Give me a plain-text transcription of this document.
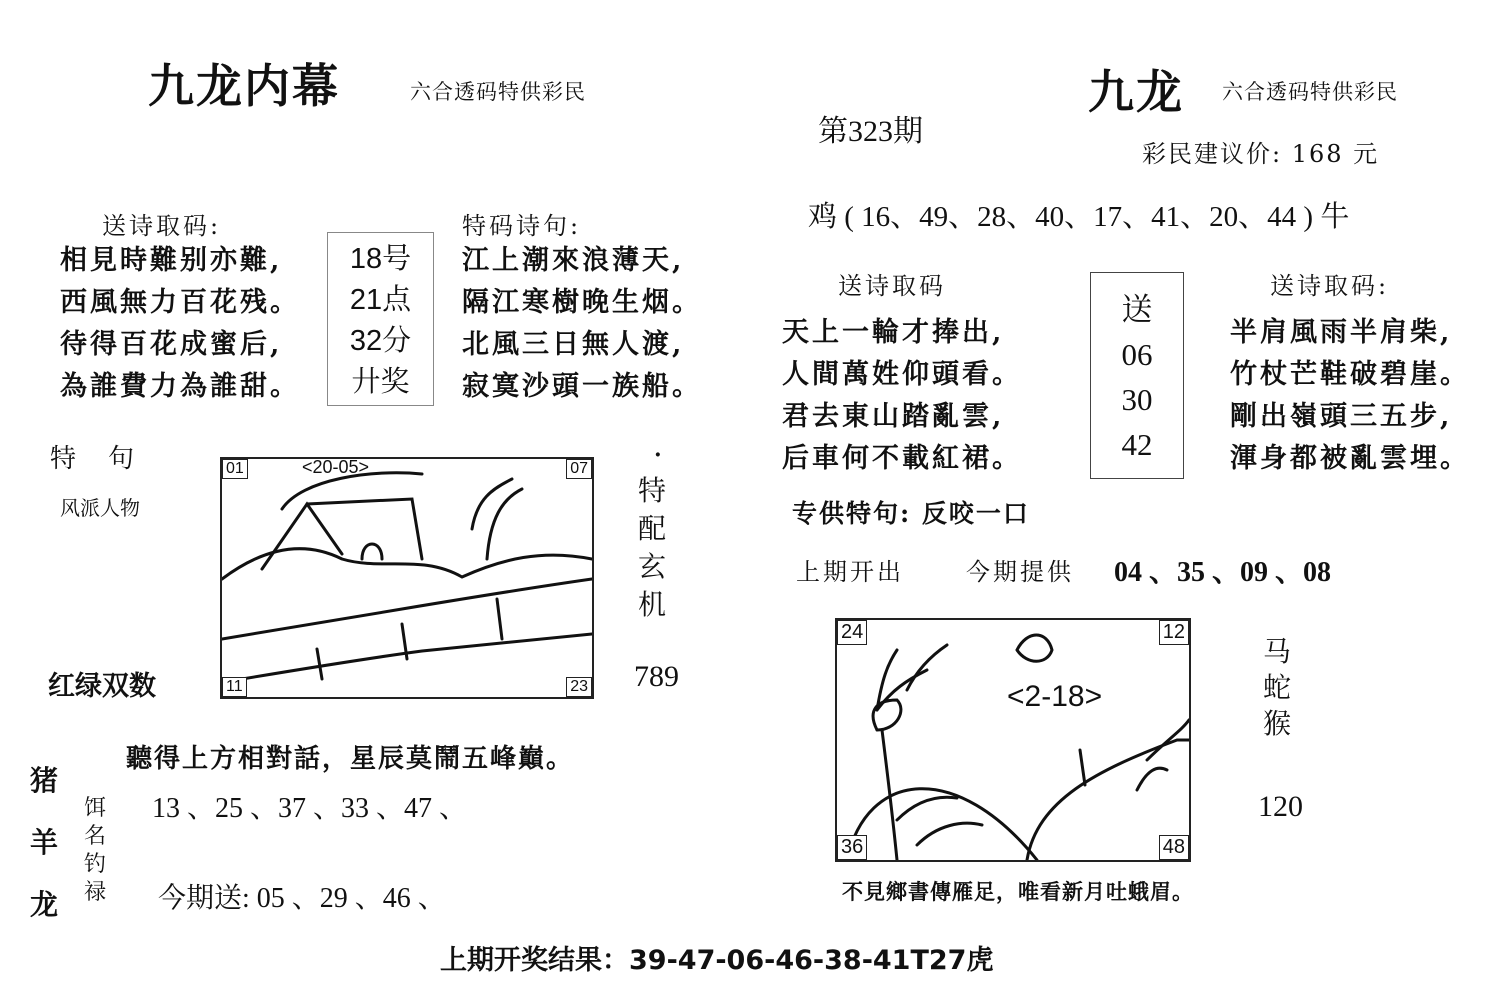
九龙内幕	六合透码特供彩民
送诗取码:
相見時難别亦難,
西風無力百花残。
待得百花成蜜后,
為誰費力為誰甜。
18号
21点
32分
廾奖
特码诗句:
江上潮來浪薄天,
隔江寒樹晚生烟。
北風三日無人渡,
寂寞沙頭一族船。
特　句
风派人物
<20-05>
01	07
11	23
·
特
配
玄
机
789
红绿双数
聽得上方相對話，星辰莫鬧五峰巔。
猪
羊
龙
饵
名
钓
禄
13 、25 、37 、33 、47 、
今期送: 05 、29 、46 、
第323期
九龙 六合透码特供彩民
彩民建议价: 168 元
鸡 ( 16、49、28、40、17、41、20、44 ) 牛
送诗取码
天上一輪才捧出,
人間萬姓仰頭看。
君去東山踏亂雲,
后車何不載紅裙。
送
06
30
42
送诗取码:
半肩風雨半肩柴,
竹杖芒鞋破碧崖。
剛出嶺頭三五步,
渾身都被亂雲埋。
专供特句: 反咬一口
上期开出	今期提供 04 、35 、09 、08
<2-18>
24	12
36	48
马
蛇
猴
120
不見鄉書傳雁足，唯看新月吐蛾眉。
上期开奖结果：39-47-06-46-38-41T27虎
